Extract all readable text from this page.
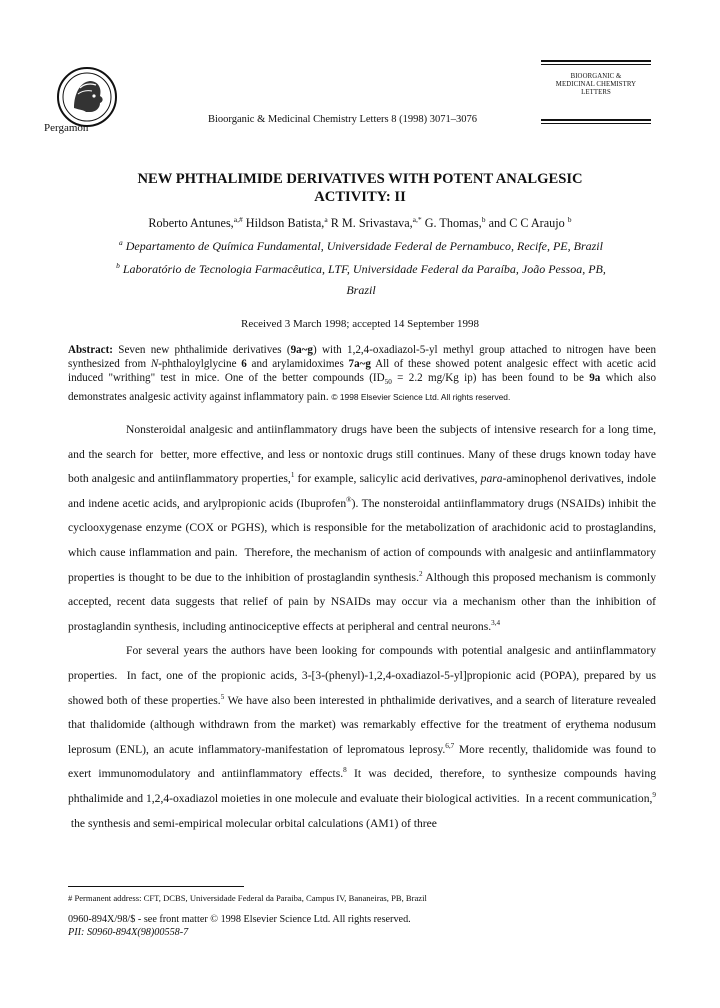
Pergamon
Bioorganic & Medicinal Chemistry Letters 8 (1998) 3071–3076
BIOORGANIC &
MEDICINAL CHEMISTRY
LETTERS
NEW PHTHALIMIDE DERIVATIVES WITH POTENT ANALGESIC
ACTIVITY: II
Roberto Antunes,$^{a,\#}$ Hildson Batista,$^a$ R M. Srivastava,$^{a,*}$ G. Thomas,$^b$ and C C Araujo $^b$
$^a$ Departamento de Química Fundamental, Universidade Federal de Pernambuco, Recife, PE, Brazil
$^b$ Laboratório de Tecnologia Farmacêutica, LTF, Universidade Federal da Paraíba, João Pessoa, PB,
Brazil
Received 3 March 1998; accepted 14 September 1998
Abstract: Seven new phthalimide derivatives (9a~g) with 1,2,4-oxadiazol-5-yl methyl group attached to nitrogen have been synthesized from N-phthaloylglycine 6 and arylamidoximes 7a~g All of these showed potent analgesic effect with acetic acid induced "writhing" test in mice. One of the better compounds ($ID_{50} = 2.2$ mg/Kg ip) has been found to be 9a which also demonstrates analgesic activity against inflammatory pain. © 1998 Elsevier Science Ltd. All rights reserved.

Nonsteroidal analgesic and antiinflammatory drugs have been the subjects of intensive research for a long time, and the search for  better, more effective, and less or nontoxic drugs still continues. Many of these drugs known today have both analgesic and antiinflammatory properties,$^1$ for example, salicylic acid derivatives, para-aminophenol derivatives, indole and indene acetic acids, and arylpropionic acids (Ibuprofen®). The nonsteroidal antiinflammatory drugs (NSAIDs) inhibit the cyclooxygenase enzyme (COX or PGHS), which is responsible for the metabolization of arachidonic acid to prostaglandins, which cause inflammation and pain.  Therefore, the mechanism of action of compounds with analgesic and antiinflammatory properties is thought to be due to the inhibition of prostaglandin synthesis.$^2$ Although this proposed mechanism is commonly accepted, recent data suggests that relief of pain by NSAIDs may occur via a mechanism other than the inhibition of prostaglandin synthesis, including antinociceptive effects at peripheral and central neurons.$^{3,4}$

For several years the authors have been looking for compounds with potential analgesic and antiinflammatory properties.  In fact, one of the propionic acids, 3-[3-(phenyl)-1,2,4-oxadiazol-5-yl]propionic acid (POPA), prepared by us showed both of these properties.$^5$ We have also been interested in phthalimide derivatives, and a search of literature revealed that thalidomide (although withdrawn from the market) was remarkably effective for the treatment of erythema nodusum leprosum (ENL), an acute inflammatory-manifestation of lepromatous leprosy.$^{6,7}$ More recently, thalidomide was found to exert immunomodulatory and antiinflammatory effects.$^8$ It was decided, therefore, to synthesize compounds having phthalimide and 1,2,4-oxadiazol moieties in one molecule and evaluate their biological activities.  In a recent communication,$^9$  the synthesis and semi-empirical molecular orbital calculations (AM1) of three

# Permanent address: CFT, DCBS, Universidade Federal da Paraiba, Campus IV, Bananeiras, PB, Brazil
0960-894X/98/$ - see front matter © 1998 Elsevier Science Ltd. All rights reserved.
PII: S0960-894X(98)00558-7
